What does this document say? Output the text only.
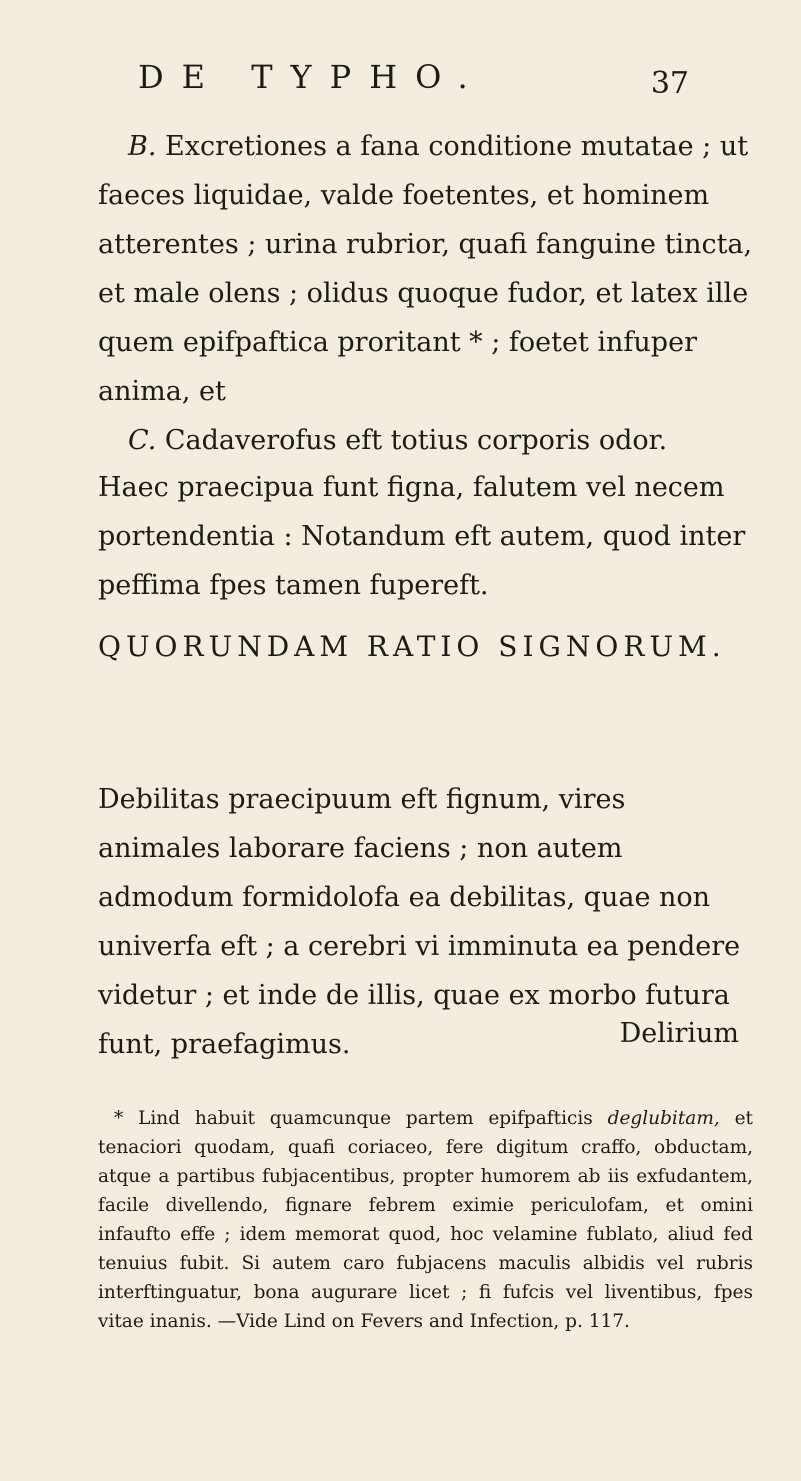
DE TYPHO.	37

B. Excretiones a fana conditione mutatae ; ut faeces liquidae, valde foetentes, et hominem atterentes ; urina rubrior, quafi fanguine tincta, et male olens ; olidus quoque fudor, et latex ille quem epifpaftica proritant * ; foetet infuper anima, et

C. Cadaverofus eft totius corporis odor.

Haec praecipua funt figna, falutem vel necem portendentia : Notandum eft autem, quod inter peffima fpes tamen fupereft.

QUORUNDAM RATIO SIGNORUM.

Debilitas praecipuum eft fignum, vires animales laborare faciens ; non autem admodum formidolofa ea debilitas, quae non univerfa eft ; a cerebri vi imminuta ea pendere videtur ; et inde de illis, quae ex morbo futura funt, praefagimus.	Delirium

* Lind habuit quamcunque partem epifpafticis deglubitam, et tenaciori quodam, quafi coriaceo, fere digitum craffo, obductam, atque a partibus fubjacentibus, propter humorem ab iis exfudantem, facile divellendo, fignare febrem eximie periculofam, et omini infaufto effe ; idem memorat quod, hoc velamine fublato, aliud fed tenuius fubit. Si autem caro fubjacens maculis albidis vel rubris interftinguatur, bona augurare licet ; fi fufcis vel liventibus, fpes vitae inanis. —Vide Lind on Fevers and Infection, p. 117.
